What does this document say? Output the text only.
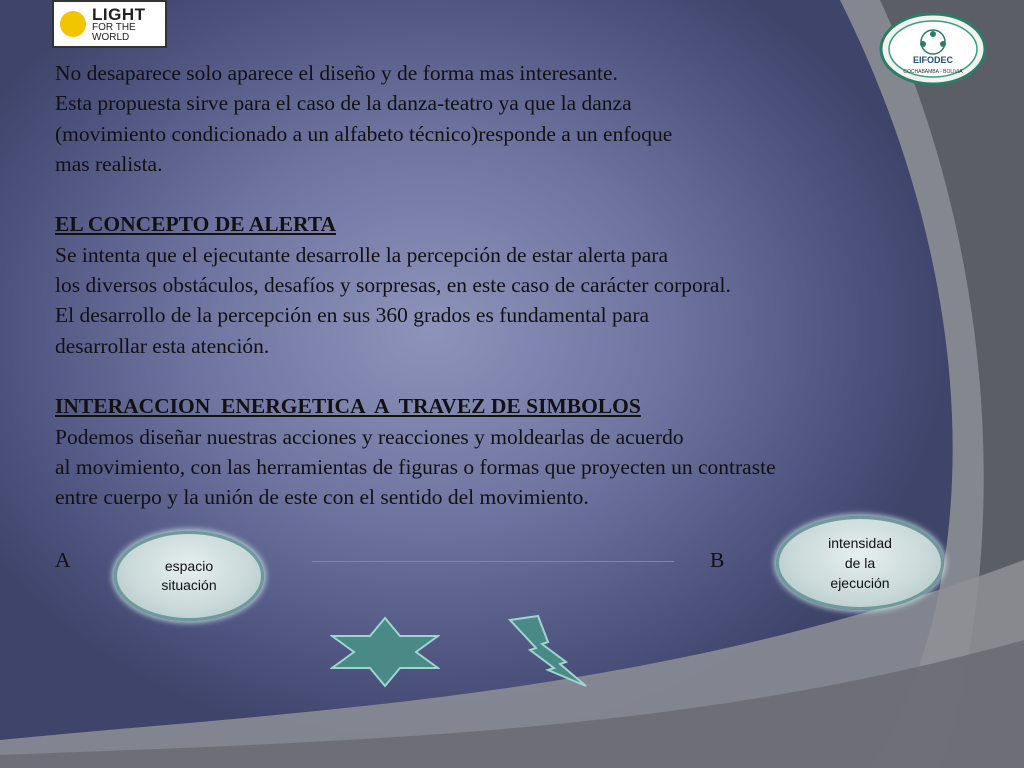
LIGHT
FOR THE WORLD
EIFODEC
COCHABAMBA - BOLIVIA

No desaparece solo aparece el diseño y de forma mas interesante.

Esta propuesta sirve para el caso de la danza-teatro ya que la danza

(movimiento condicionado a un alfabeto técnico)responde a un enfoque

mas realista.

EL CONCEPTO DE ALERTA

Se intenta que el ejecutante desarrolle la percepción de estar alerta para

los diversos obstáculos, desafíos y sorpresas, en este caso de carácter corporal.

El desarrollo de la percepción en sus 360 grados es fundamental para

desarrollar esta atención.

INTERACCION  ENERGETICA  A  TRAVEZ DE SIMBOLOS

Podemos diseñar nuestras acciones y reacciones y moldearlas de acuerdo

al movimiento, con las herramientas de figuras o formas que proyecten un contraste

entre cuerpo y la unión de este con el sentido del movimiento.

A	B
espacio
situación
intensidad
de la
ejecución
